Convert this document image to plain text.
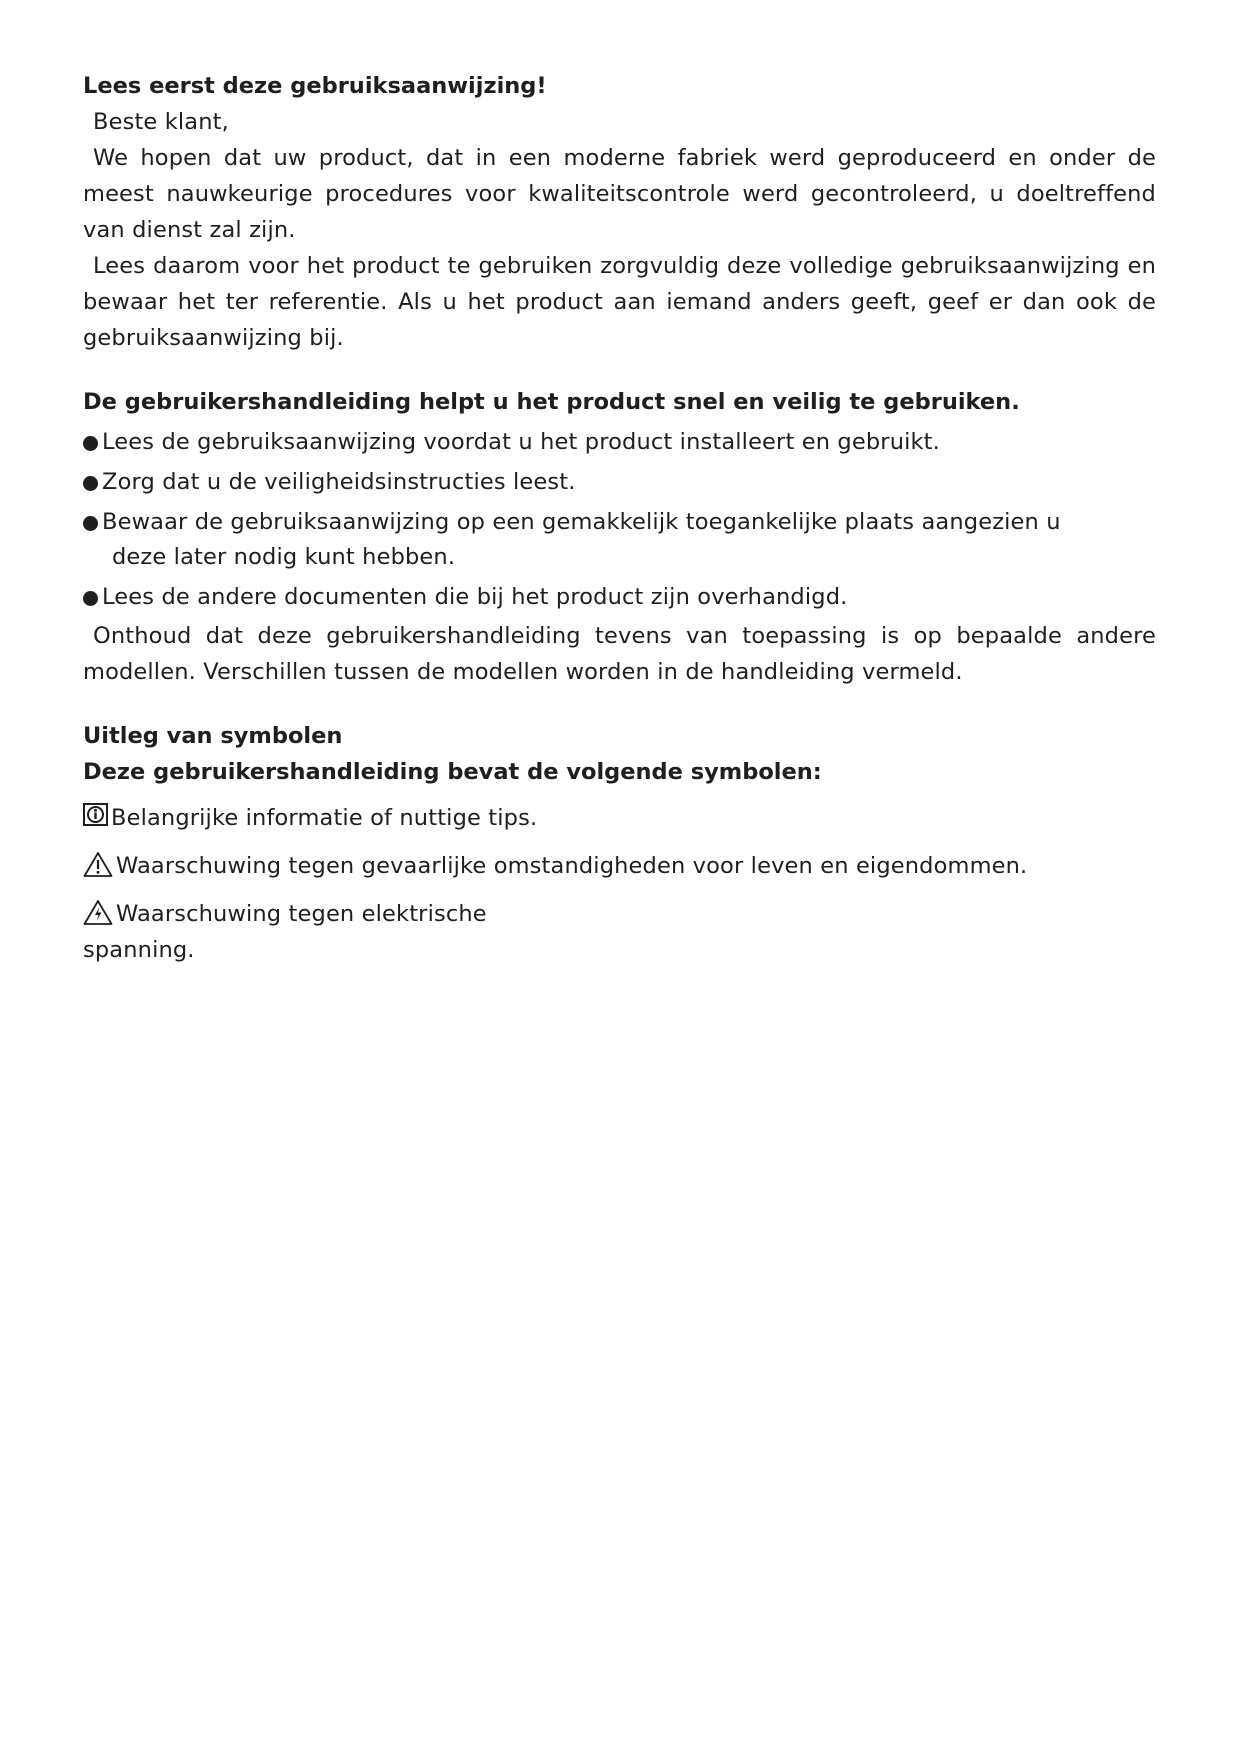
Lees eerst deze gebruiksaanwijzing!

Beste klant,

We hopen dat uw product, dat in een moderne fabriek werd geproduceerd en onder de meest nauwkeurige procedures voor kwaliteitscontrole werd gecontroleerd, u doeltreffend van dienst zal zijn.

Lees daarom voor het product te gebruiken zorgvuldig deze volledige gebruiksaanwijzing en bewaar het ter referentie. Als u het product aan iemand anders geeft, geef er dan ook de gebruiksaanwijzing bij.

De gebruikershandleiding helpt u het product snel en veilig te gebruiken.

Lees de gebruiksaanwijzing voordat u het product installeert en gebruikt.
Zorg dat u de veiligheidsinstructies leest.
Bewaar de gebruiksaanwijzing op een gemakkelijk toegankelijke plaats aangezien u
deze later nodig kunt hebben.
Lees de andere documenten die bij het product zijn overhandigd.

Onthoud dat deze gebruikershandleiding tevens van toepassing is op bepaalde andere modellen. Verschillen tussen de modellen worden in de handleiding vermeld.

Uitleg van symbolen

Deze gebruikershandleiding bevat de volgende symbolen:

Belangrijke informatie of nuttige tips.
Waarschuwing tegen gevaarlijke omstandigheden voor leven en eigendommen.
Waarschuwing tegen elektrische
spanning.
